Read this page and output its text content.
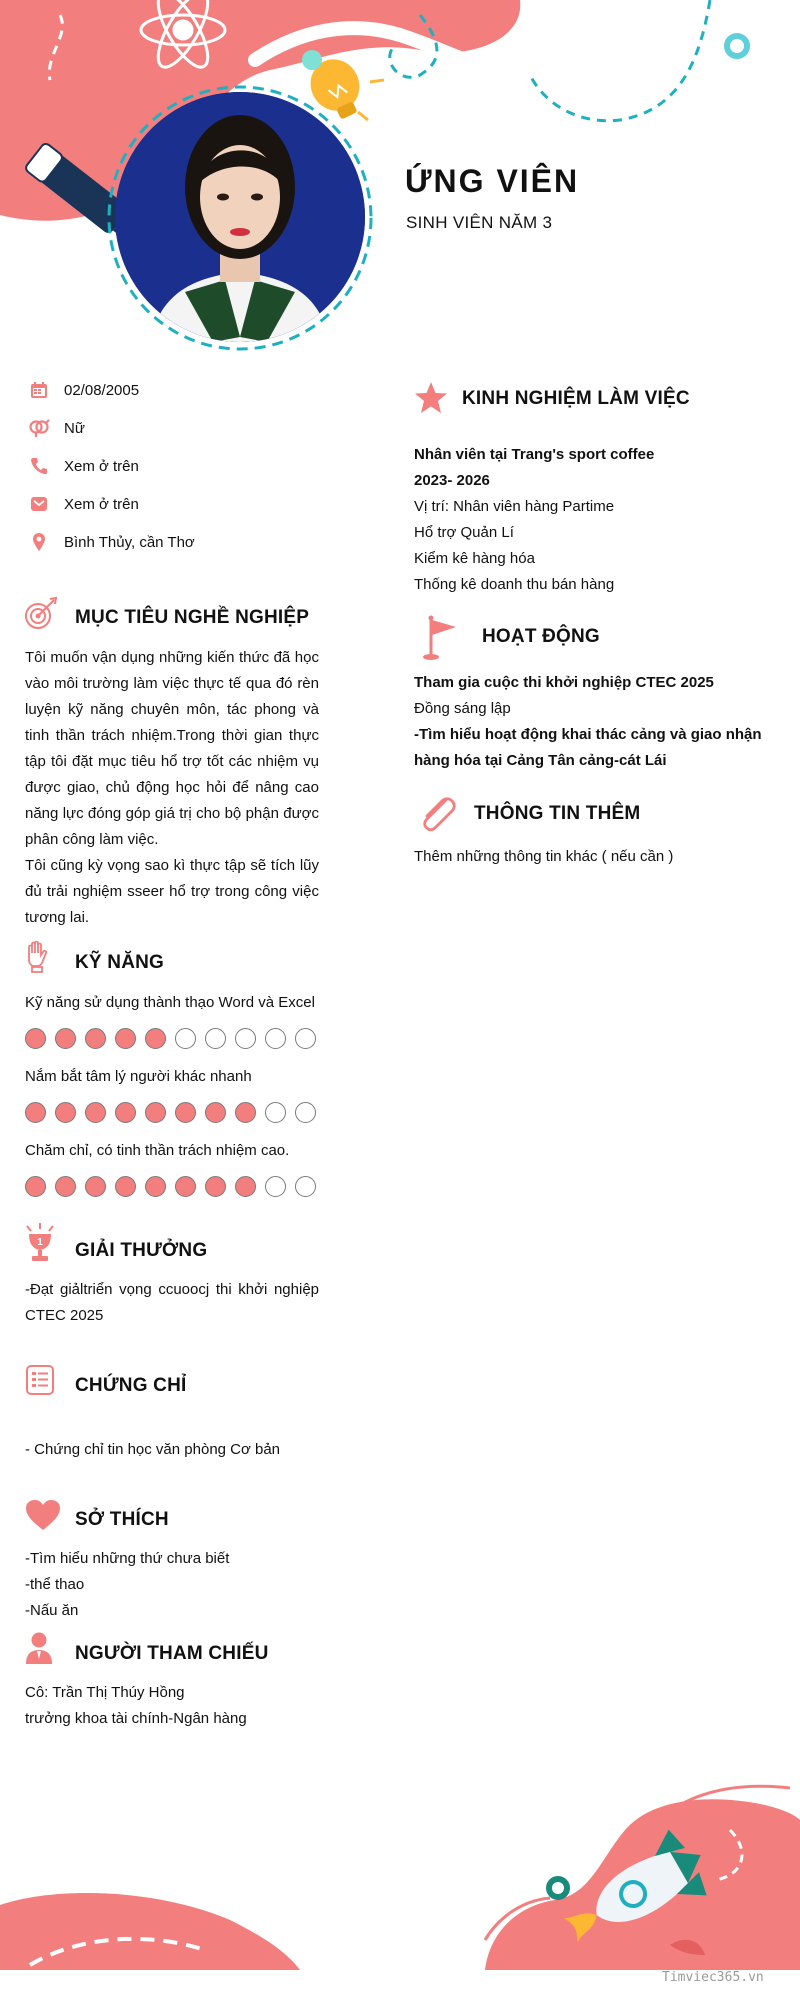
ỨNG VIÊN
SINH VIÊN NĂM 3
02/08/2005
Nữ
Xem ở trên
Xem ở trên
Bình Thủy, cần Thơ
MỤC TIÊU NGHỀ NGHIỆP
Tôi muốn vận dụng những kiến thức đã học vào môi trường làm việc thực tế qua đó rèn luyện kỹ năng chuyên môn, tác phong và tinh thần trách nhiệm.Trong thời gian thực tập tôi đặt mục tiêu hổ trợ tốt các nhiệm vụ được giao, chủ động học hỏi để nâng cao năng lực đóng góp giá trị cho bộ phận được phân công làm việc.
Tôi cũng kỳ vọng sao kì thực tập sẽ tích lũy đủ trải nghiệm sseer hổ trợ trong công việc tương lai.
KỸ NĂNG
Kỹ năng sử dụng thành thạo Word và Excel
Nắm bắt tâm lý người khác nhanh
Chăm chỉ, có tinh thần trách nhiệm cao.
1 GIẢI THƯỞNG
-Đạt giảltriển vọng ccuoocj thi khởi nghiệp CTEC 2025
CHỨNG CHỈ
- Chứng chỉ tin học văn phòng Cơ bản
SỞ THÍCH
-Tìm hiểu những thứ chưa biết
-thể thao
-Nấu ăn
NGƯỜI THAM CHIẾU
Cô: Trần Thị Thúy Hồng
trưởng khoa tài chính-Ngân hàng
KINH NGHIỆM LÀM VIỆC
Nhân viên tại Trang's sport coffee
2023- 2026
Vị trí: Nhân viên hàng Partime
Hổ trợ Quản Lí
Kiểm kê hàng hóa
Thống kê doanh thu bán hàng
HOẠT ĐỘNG
Tham gia cuộc thi khởi nghiệp CTEC 2025
Đồng sáng lập
-Tìm hiểu hoạt động khai thác cảng và giao nhận hàng hóa tại Cảng Tân cảng-cát Lái
THÔNG TIN THÊM
Thêm những thông tin khác ( nếu cần )
Timviec365.vn
